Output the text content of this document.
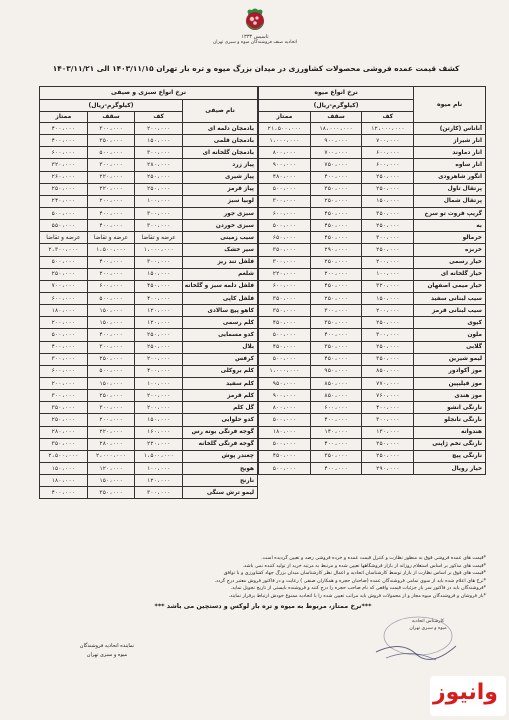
تاسیس ۱۳۳۳
اتحادیه صنف فروشندگان میوه و سبزی تهران
کشف قیمت عمده فروشی محصولات کشاورزی در میدان بزرگ میوه و تره بار تهران ۱۴۰۳/۱۱/۱۵ الی ۱۴۰۳/۱۱/۲۱
نام میوه	نرخ انواع میوه		
	(کیلوگرم-ریال)		
	کف	سقف	ممتاز
آناناس (کارتن)	۱۲،۰۰۰،۰۰۰	۱۸،۰۰۰،۰۰۰	۲۱،۵۰۰،۰۰۰
انار شیراز	۷۰۰،۰۰۰	۹۰۰،۰۰۰	۱،۰۰۰،۰۰۰
انار دماوند	۶۰۰،۰۰۰	۷۰۰،۰۰۰	۸۰۰،۰۰۰
انار ساوه	۶۰۰،۰۰۰	۷۵۰،۰۰۰	۹۰۰،۰۰۰
انگور شاهرودی	۲۵۰،۰۰۰	۴۰۰،۰۰۰	۴۸۰،۰۰۰
پرتقال تاول	۲۵۰،۰۰۰	۳۵۰،۰۰۰	۵۰۰،۰۰۰
پرتقال شمال	۱۵۰،۰۰۰	۲۵۰،۰۰۰	۳۰۰،۰۰۰
گریپ فروت تو سرخ	۳۵۰،۰۰۰	۴۵۰،۰۰۰	۶۰۰،۰۰۰
به	۲۵۰،۰۰۰	۴۵۰،۰۰۰	۵۰۰،۰۰۰
خرمالو	۳۰۰،۰۰۰	۴۵۰،۰۰۰	۶۵۰،۰۰۰
خربزه	۲۵۰،۰۰۰	۲۹۰،۰۰۰	۳۵۰،۰۰۰
خیار رسمی	۲۰۰،۰۰۰	۲۵۰،۰۰۰	۳۰۰،۰۰۰
خیار گلخانه ای	۱۰۰،۰۰۰	۲۰۰،۰۰۰	۲۲۰،۰۰۰
خیار میمی اصفهان	۳۲۰،۰۰۰	۴۵۰،۰۰۰	۶۰۰،۰۰۰
سیب لبنانی سفید	۱۵۰،۰۰۰	۲۵۰،۰۰۰	۳۵۰،۰۰۰
سیب لبنانی قرمز	۲۰۰،۰۰۰	۳۰۰،۰۰۰	۳۵۰،۰۰۰
کیوی	۲۵۰،۰۰۰	۳۵۰،۰۰۰	۴۵۰،۰۰۰
ملون	۳۰۰،۰۰۰	۴۰۰،۰۰۰	۵۰۰،۰۰۰
گلابی	۲۵۰،۰۰۰	۳۵۰،۰۰۰	۴۵۰،۰۰۰
لیمو شیرین	۳۵۰،۰۰۰	۴۵۰،۰۰۰	۵۰۰،۰۰۰
موز آکوادور	۸۵۰،۰۰۰	۹۵۰،۰۰۰	۱،۰۰۰،۰۰۰
موز فیلیپین	۷۷۰،۰۰۰	۸۵۰،۰۰۰	۹۵۰،۰۰۰
موز هندی	۷۶۰،۰۰۰	۸۵۰،۰۰۰	۹۰۰،۰۰۰
نارنگی انشو	۴۰۰،۰۰۰	۶۰۰،۰۰۰	۸۰۰،۰۰۰
نارنگی تانجلو	۳۰۰،۰۰۰	۴۰۰،۰۰۰	۵۰۰،۰۰۰
هندوانه	۱۳۰،۰۰۰	۱۴۰،۰۰۰	۱۸۰،۰۰۰
نارنگی تخم ژاپنی	۲۵۰،۰۰۰	۴۰۰،۰۰۰	۵۰۰،۰۰۰
نارنگی پیچ	۲۵۰،۰۰۰	۳۵۰،۰۰۰	۴۵۰،۰۰۰
خیار رویال	۲۹۰،۰۰۰	۴۰۰،۰۰۰	۵۰۰،۰۰۰
نرخ انواع سبزی و صیفی			
نام صیفی	(کیلوگرم-ریال)		
	کف	سقف	ممتاز
بادمجان دلمه ای	۲۰۰،۰۰۰	۳۰۰،۰۰۰	۴۰۰،۰۰۰
بادمجان قلمی	۱۵۰،۰۰۰	۳۵۰،۰۰۰	۴۰۰،۰۰۰
بادمجان گلخانه ای	۳۰۰،۰۰۰	۵۰۰،۰۰۰	۶۰۰،۰۰۰
پیاز زرد	۲۸۰،۰۰۰	۳۰۰،۰۰۰	۳۲۰،۰۰۰
پیاز شیری	۲۵۰،۰۰۰	۲۲۰،۰۰۰	۲۶۰،۰۰۰
پیاز قرمز	۲۵۰،۰۰۰	۲۲۰،۰۰۰	۲۵۰،۰۰۰
لوبیا سبز	۱۰۰،۰۰۰	۲۰۰،۰۰۰	۲۴۰،۰۰۰
سبزی جور	۳۰۰،۰۰۰	۴۰۰،۰۰۰	۵۰۰،۰۰۰
سبزی خوردن	۳۰۰،۰۰۰	۴۰۰،۰۰۰	۵۵۰،۰۰۰
سیب زمینی	عرضه و تقاضا	عرضه و تقاضا	عرضه و تقاضا
سیر خشک	۱،۰۰۰،۰۰۰	۱،۵۰۰،۰۰۰	۲،۳۰۰،۰۰۰
فلفل تند ریز	۳۰۰،۰۰۰	۴۰۰،۰۰۰	۵۰۰،۰۰۰
شلغم	۱۵۰،۰۰۰	۲۰۰،۰۰۰	۲۵۰،۰۰۰
فلفل دلمه سبز و گلخانه	۴۵۰،۰۰۰	۶۰۰،۰۰۰	۷۰۰،۰۰۰
فلفل کاپی	۴۰۰،۰۰۰	۵۰۰،۰۰۰	۶۰۰،۰۰۰
کاهو پیچ سالادی	۱۲۰،۰۰۰	۱۵۰،۰۰۰	۱۸۰،۰۰۰
کلم رسمی	۱۲۰،۰۰۰	۱۵۰،۰۰۰	۲۰۰،۰۰۰
کدو مسمایی	۲۵۰،۰۰۰	۴۰۰،۰۰۰	۵۰۰،۰۰۰
بلال	۲۵۰،۰۰۰	۳۰۰،۰۰۰	۴۰۰،۰۰۰
کرفس	۲۰۰،۰۰۰	۲۵۰،۰۰۰	۳۰۰،۰۰۰
کلم بروکلی	۴۰۰،۰۰۰	۵۰۰،۰۰۰	۶۰۰،۰۰۰
کلم سفید	۱۰۰،۰۰۰	۱۵۰،۰۰۰	۲۰۰،۰۰۰
کلم قرمز	۲۰۰،۰۰۰	۲۵۰،۰۰۰	۳۰۰،۰۰۰
گل کلم	۲۰۰،۰۰۰	۳۰۰،۰۰۰	۳۵۰،۰۰۰
کدو حلوایی	۱۵۰،۰۰۰	۲۰۰،۰۰۰	۲۵۰،۰۰۰
گوجه فرنگی بوته رس	۱۶۰،۰۰۰	۲۲۰،۰۰۰	۲۸۰،۰۰۰
گوجه فرنگی گلخانه	۲۲۰،۰۰۰	۲۸۰،۰۰۰	۳۵۰،۰۰۰
چغندر پوش	۱،۵۰۰،۰۰۰	۲،۰۰۰،۰۰۰	۲،۵۰۰،۰۰۰
هویج	۱۰۰،۰۰۰	۱۲۰،۰۰۰	۱۵۰،۰۰۰
نارنج	۱۲۰،۰۰۰	۱۵۰،۰۰۰	۱۸۰،۰۰۰
لیمو ترش سنگی	۳۰۰،۰۰۰	۳۵۰،۰۰۰	۴۰۰،۰۰۰

*قیمت های عمده فروشی فوق به منظور نظارت و کنترل قیمت عمده و خرده فروشی رصد و تعیین گردیده است.

*قیمت های مذکور بر اساس استعلام روزانه از بازار فروشگاهها تعیین شده و مرتبط به مرتبه خرید از تولید کننده نمی باشد.

*قیمت های فوق بر اساس نظارت از بازار توسط کارشناسان اتحادیه و اعمال نظر کارشناسان میدان بزرگ جهاد کشاورزی و با توافق

*نرخ های اعلام شده باید از سوی تمامی فروشندگان عمده (صاحبان حجره و همکاران صنفی ) رعایت و در فاکتور فروش معتبر درج گردد.

*فروشندگان باید در فاکتور سر بار جزئیات قیمت واقعی که نام صاحب حجره را درج کنند و فروشنده بایستی از تاریخ تحویل نماید.

*بار فروشان و فروشندگان میوه مجاز و از محمولات فروش باید مراتب تعیین شده را با اتحادیه ممنوع خودش ارتباط برقرار نمایند.

***نرخ ممتاز، مربوط به میوه و تره بار لوکس و دستچین می باشد ***
کارشناس اتحادیه
میوه و سبزی تهران
نماینده اتحادیه فروشندگان
میوه و سبزی تهران
وانیوز
